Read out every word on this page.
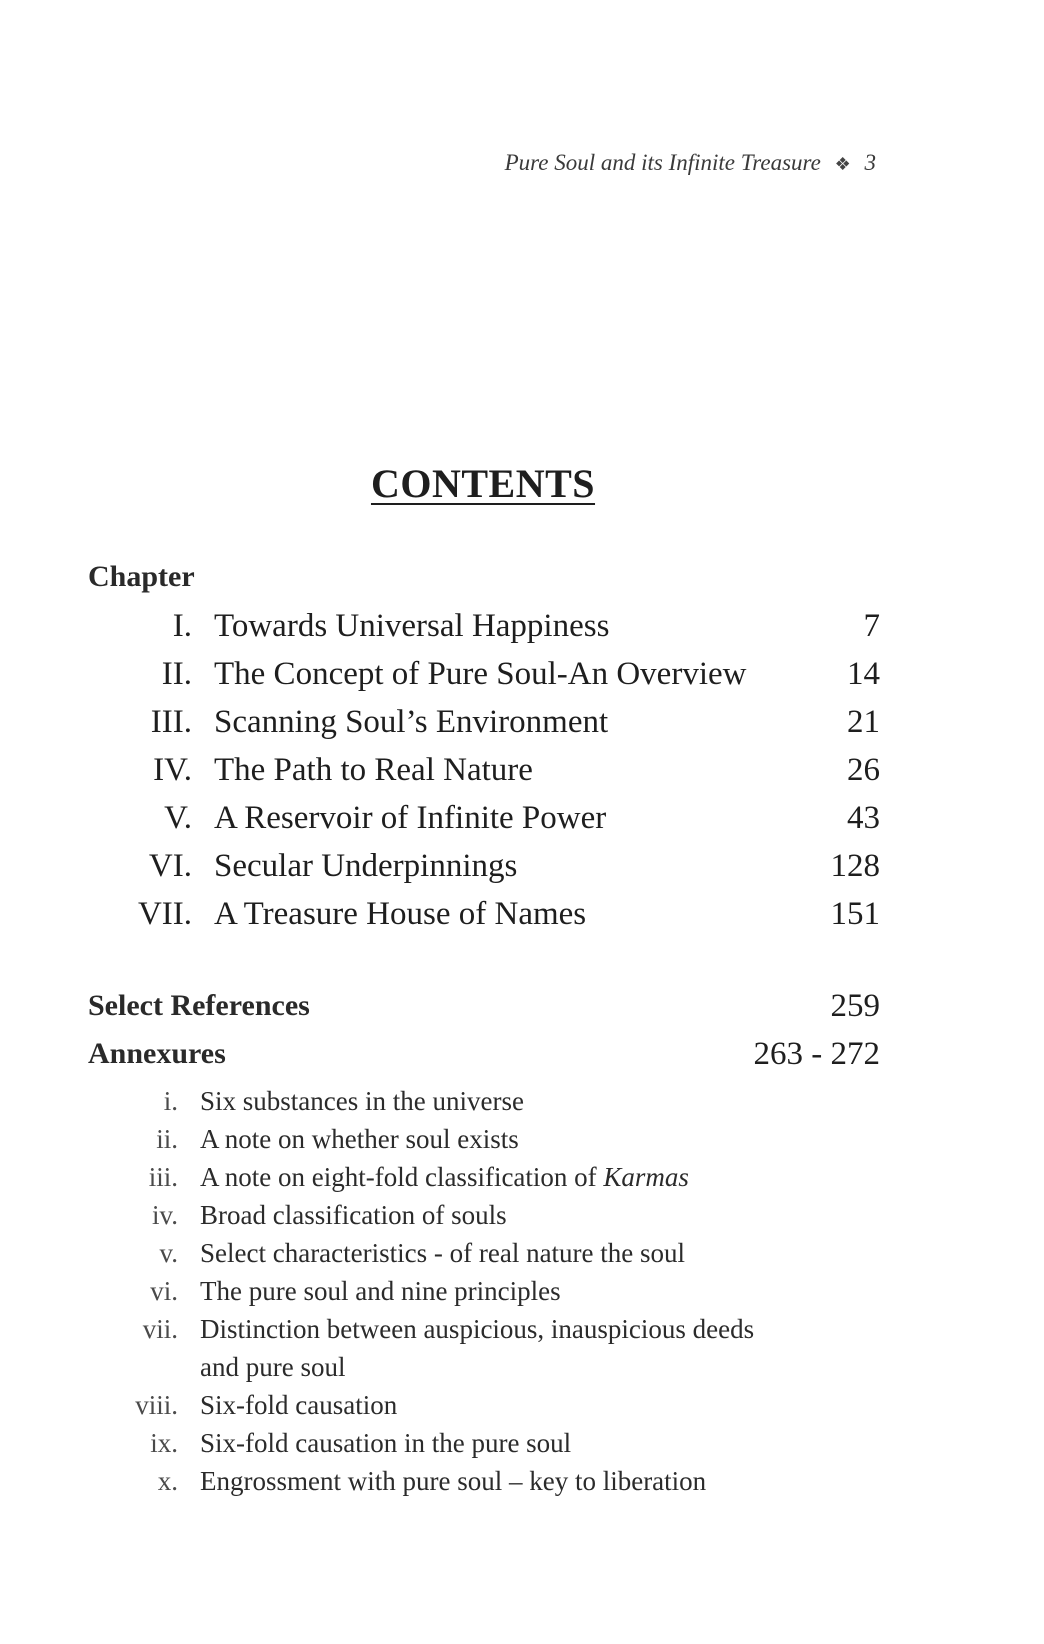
Pure Soul and its Infinite Treasure ❖ 3
CONTENTS
Chapter
I. Towards Universal Happiness	7
II. The Concept of Pure Soul-An Overview	14
III. Scanning Soul’s Environment	21
IV. The Path to Real Nature	26
V. A Reservoir of Infinite Power	43
VI. Secular Underpinnings	128
VII. A Treasure House of Names	151
Select References	259
Annexures	263 - 272
i. Six substances in the universe
ii. A note on whether soul exists
iii. A note on eight-fold classification of Karmas
iv. Broad classification of souls
v. Select characteristics - of real nature the soul
vi. The pure soul and nine principles
vii. Distinction between auspicious, inauspicious deeds and pure soul
viii. Six-fold causation
ix. Six-fold causation in the pure soul
x. Engrossment with pure soul – key to liberation
